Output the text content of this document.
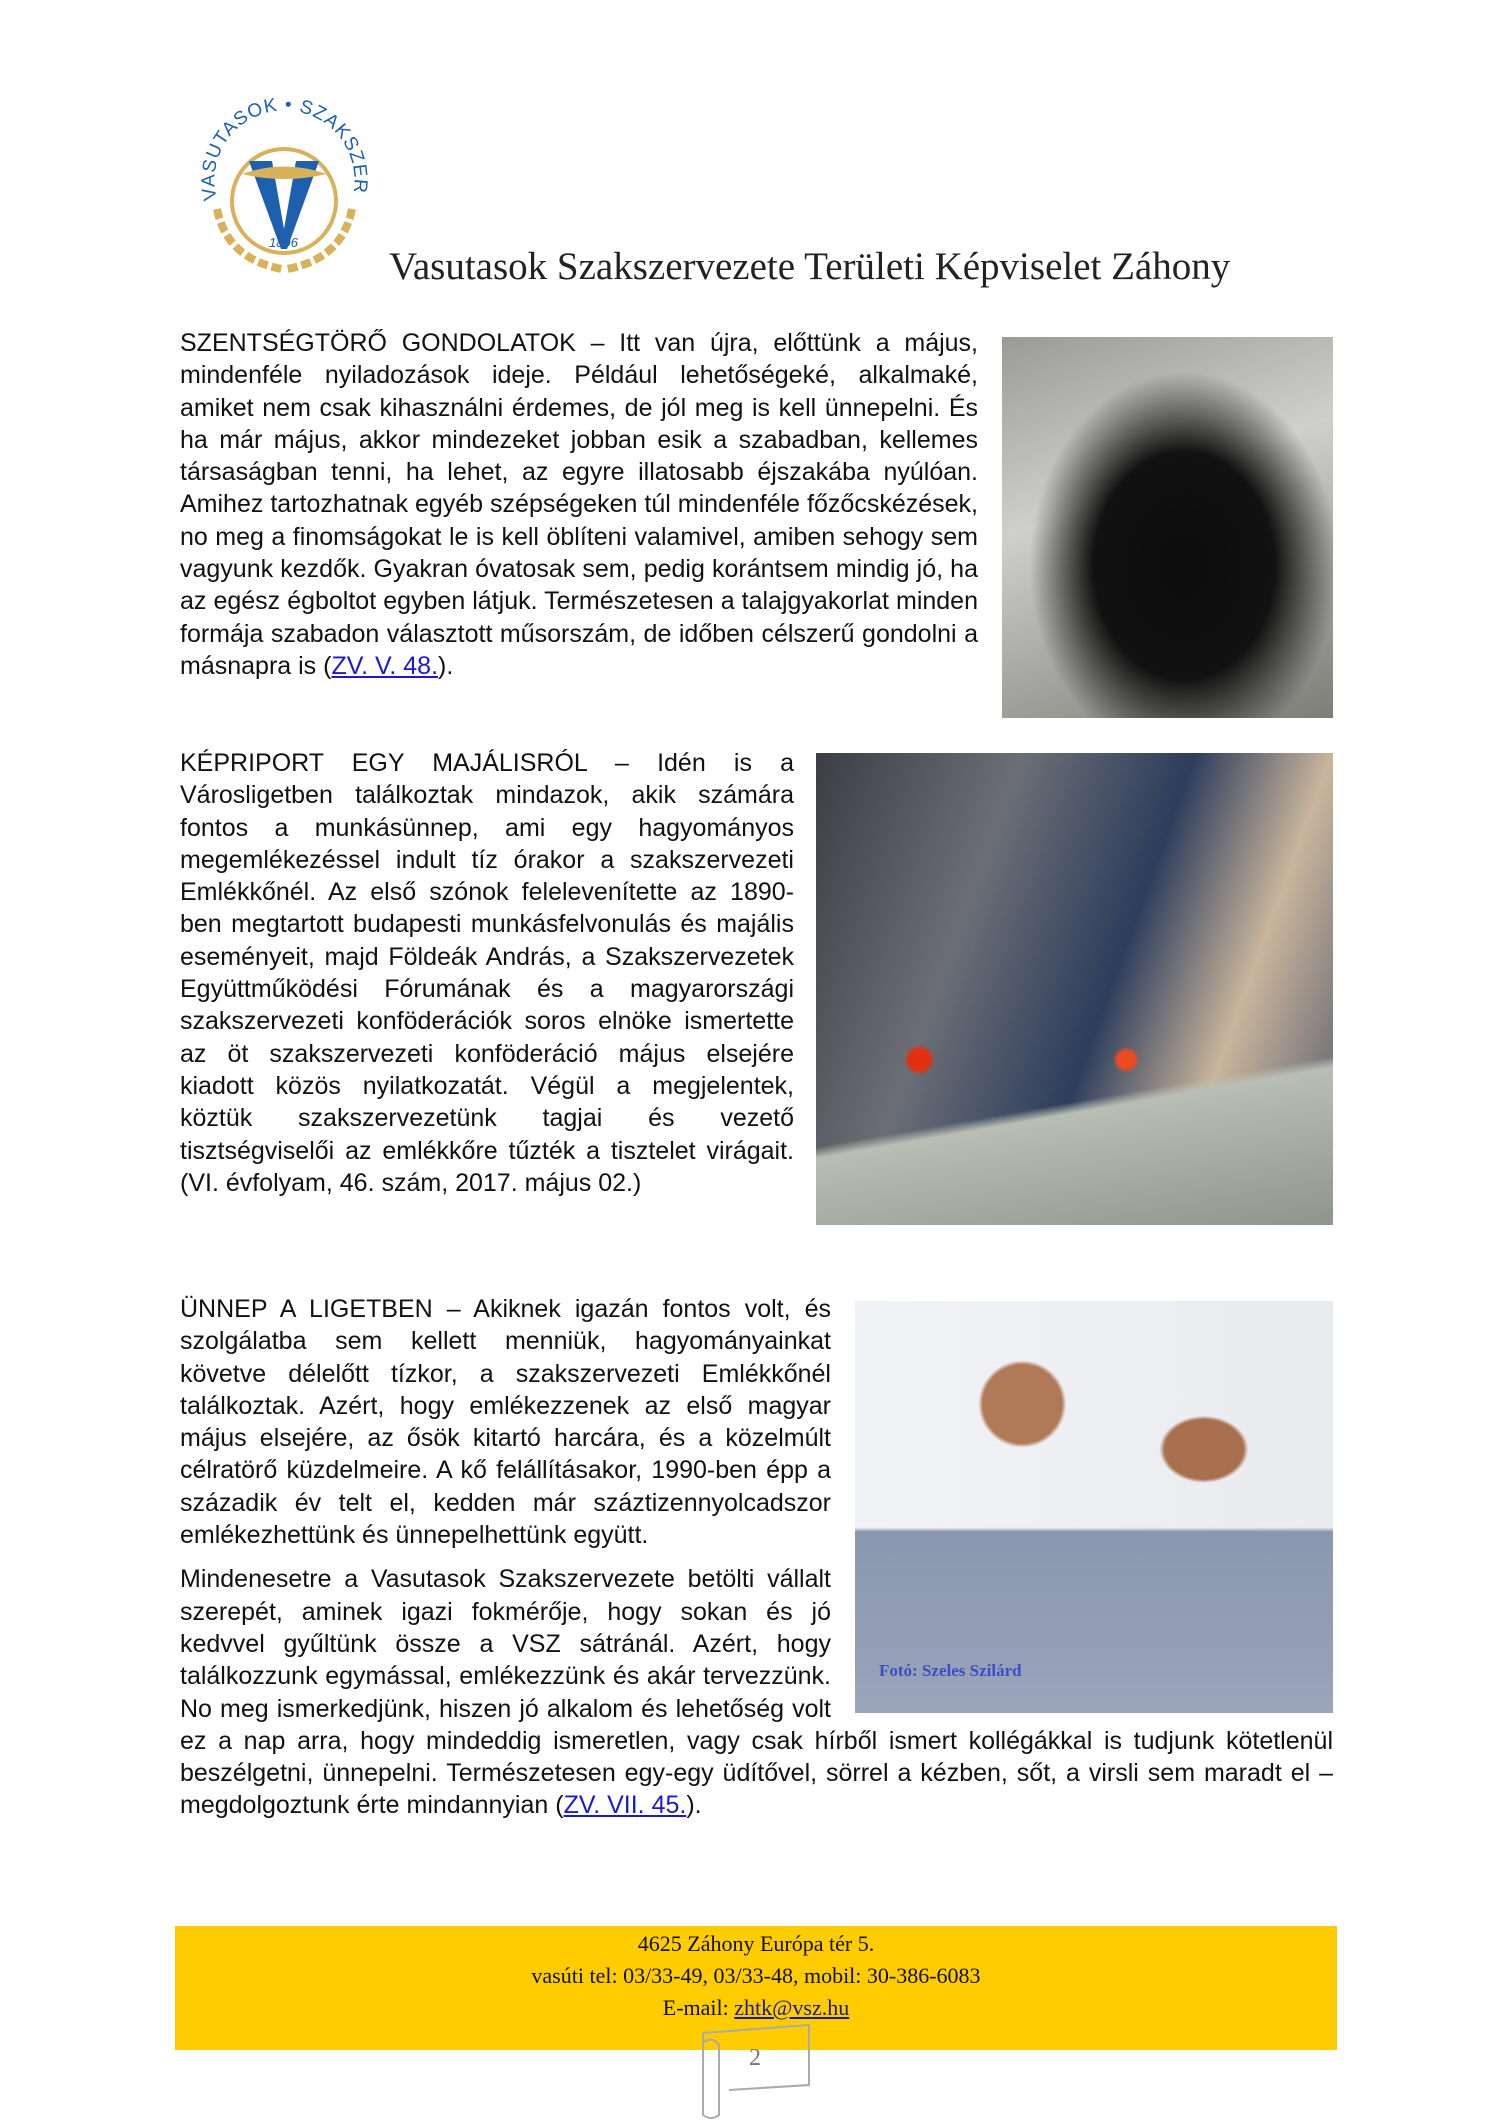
VASUTASOK • SZAKSZER
1896
Vasutasok Szakszervezete Területi Képviselet Záhony

SZENTSÉGTÖRŐ GONDOLATOK – Itt van újra, előttünk a május, mindenféle nyiladozások ideje. Például lehetőségeké, alkalmaké, amiket nem csak kihasználni érdemes, de jól meg is kell ünnepelni. És ha már május, akkor mindezeket jobban esik a szabadban, kellemes társaságban tenni, ha lehet, az egyre illatosabb éjszakába nyúlóan. Amihez tartozhatnak egyéb szépségeken túl mindenféle főzőcskézések, no meg a finomságokat le is kell öblíteni valamivel, amiben sehogy sem vagyunk kezdők. Gyakran óvatosak sem, pedig korántsem mindig jó, ha az egész égboltot egyben látjuk. Természetesen a talajgyakorlat minden formája szabadon választott műsorszám, de időben célszerű gondolni a másnapra is (ZV. V. 48.).

KÉPRIPORT EGY MAJÁLISRÓL – Idén is a Városligetben találkoztak mindazok, akik számára fontos a munkásünnep, ami egy hagyományos megemlékezéssel indult tíz órakor a szakszervezeti Emlékkőnél. Az első szónok felelevenítette az 1890-ben megtartott budapesti munkásfelvonulás és majális eseményeit, majd Földeák András, a Szakszervezetek Együttműködési Fórumának és a magyarországi szakszervezeti konföderációk soros elnöke ismertette az öt szakszervezeti konföderáció május elsejére kiadott közös nyilatkozatát. Végül a megjelentek, köztük szakszervezetünk tagjai és vezető tisztségviselői az emlékkőre tűzték a tisztelet virágait. (VI. évfolyam, 46. szám, 2017. május 02.)

Fotó: Szeles Szilárd

ÜNNEP A LIGETBEN – Akiknek igazán fontos volt, és szolgálatba sem kellett menniük, hagyományainkat követve délelőtt tízkor, a szakszervezeti Emlékkőnél találkoztak. Azért, hogy emlékezzenek az első magyar május elsejére, az ősök kitartó harcára, és a közelmúlt célratörő küzdelmeire. A kő felállításakor, 1990-ben épp a századik év telt el, kedden már száztizennyolcadszor emlékezhettünk és ünnepelhettünk együtt.

Mindenesetre a Vasutasok Szakszervezete betölti vállalt szerepét, aminek igazi fokmérője, hogy sokan és jó kedvvel gyűltünk össze a VSZ sátránál. Azért, hogy találkozzunk egymással, emlékezzünk és akár tervezzünk. No meg ismerkedjünk, hiszen jó alkalom és lehetőség volt ez a nap arra, hogy mindeddig ismeretlen, vagy csak hírből ismert kollégákkal is tudjunk kötetlenül beszélgetni, ünnepelni. Természetesen egy-egy üdítővel, sörrel a kézben, sőt, a virsli sem maradt el – megdolgoztunk érte mindannyian (ZV. VII. 45.).

4625 Záhony Európa tér 5.
vasúti tel: 03/33-49, 03/33-48, mobil: 30-386-6083
E-mail: zhtk@vsz.hu
2
